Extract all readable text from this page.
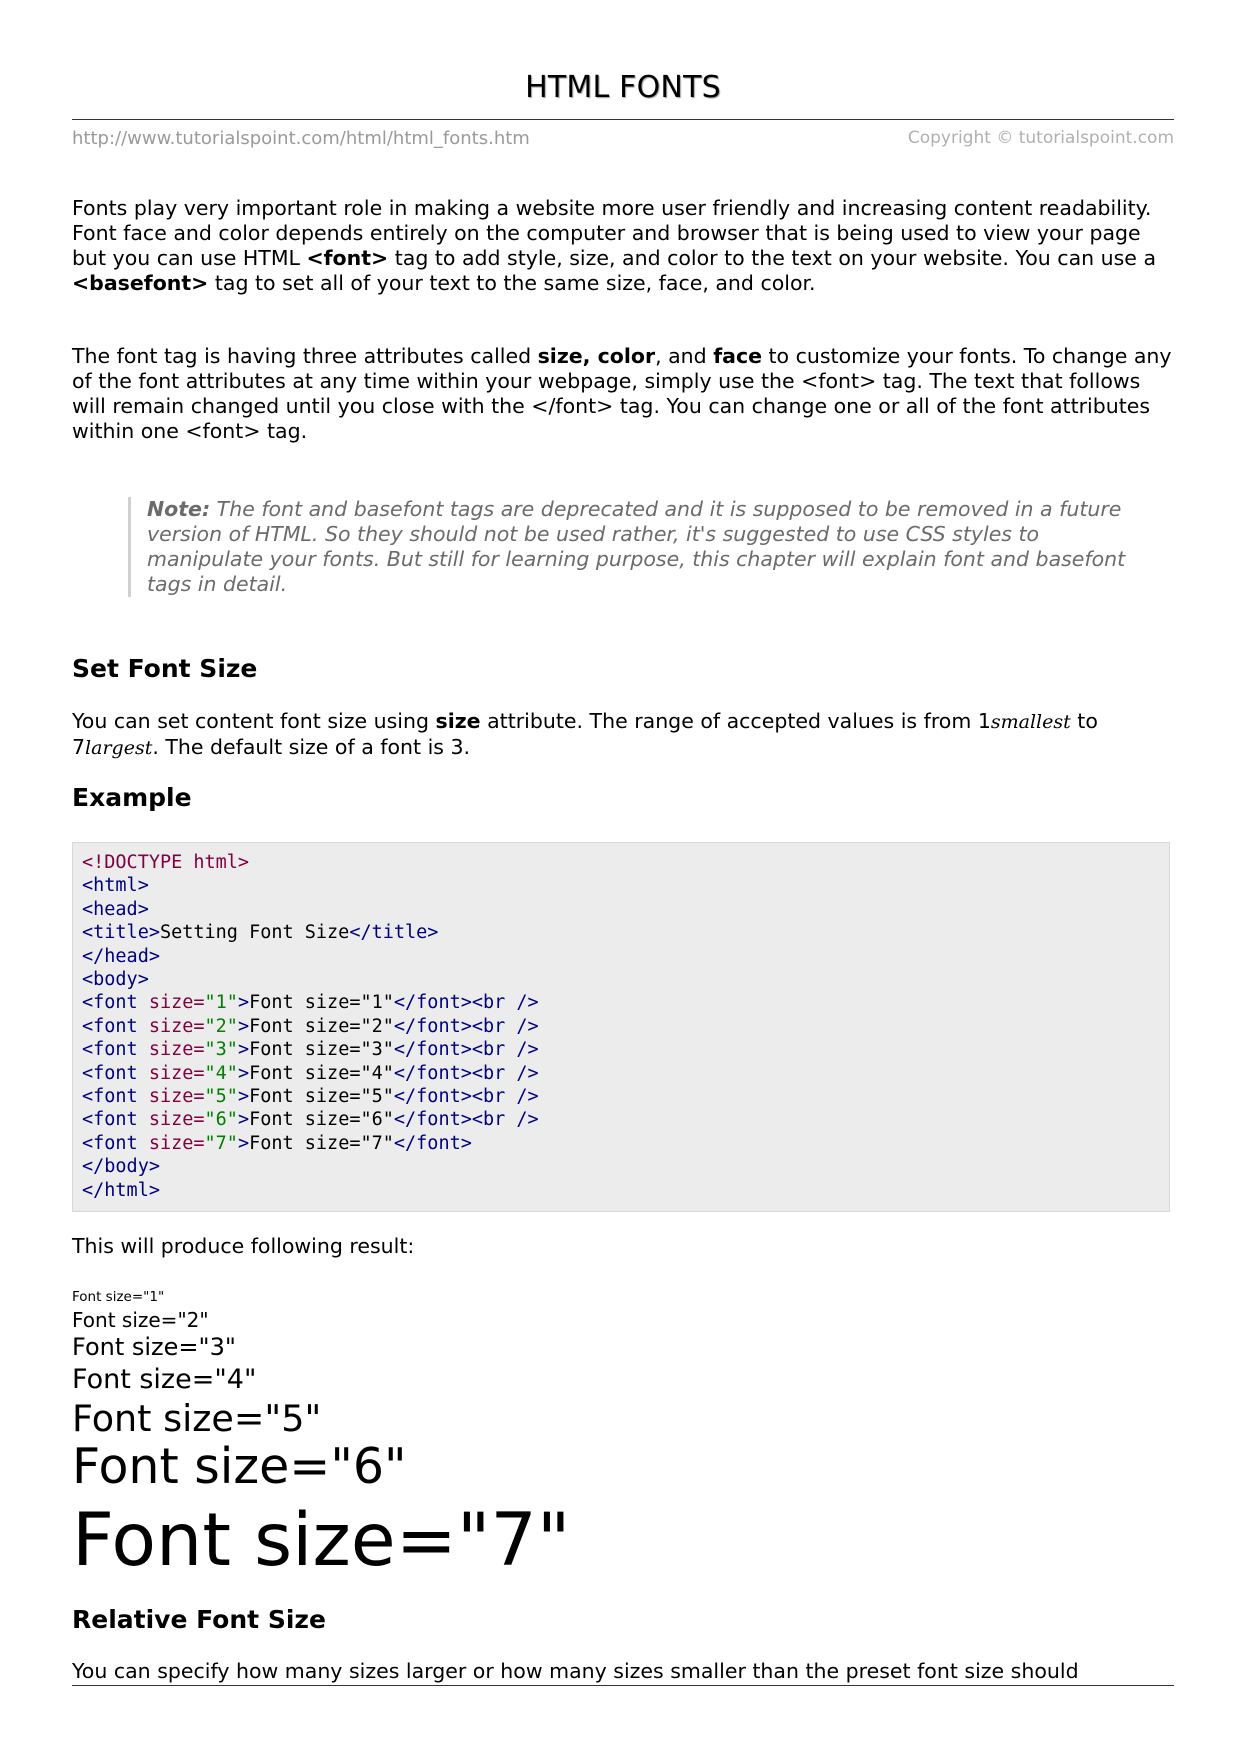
HTML FONTS
http://www.tutorialspoint.com/html/html_fonts.htm	Copyright © tutorialspoint.com

Fonts play very important role in making a website more user friendly and increasing content readability. Font face and color depends entirely on the computer and browser that is being used to view your page but you can use HTML <font> tag to add style, size, and color to the text on your website. You can use a <basefont> tag to set all of your text to the same size, face, and color.

The font tag is having three attributes called size, color, and face to customize your fonts. To change any of the font attributes at any time within your webpage, simply use the <font> tag. The text that follows will remain changed until you close with the </font> tag. You can change one or all of the font attributes within one <font> tag.

Note: The font and basefont tags are deprecated and it is supposed to be removed in a future version of HTML. So they should not be used rather, it's suggested to use CSS styles to manipulate your fonts. But still for learning purpose, this chapter will explain font and basefont tags in detail.
Set Font Size

You can set content font size using size attribute. The range of accepted values is from 1smallest to 7largest. The default size of a font is 3.

Example
<!DOCTYPE html>
<html>
<head>
<title>Setting Font Size</title>
</head>
<body>
<font size="1">Font size="1"</font><br />
<font size="2">Font size="2"</font><br />
<font size="3">Font size="3"</font><br />
<font size="4">Font size="4"</font><br />
<font size="5">Font size="5"</font><br />
<font size="6">Font size="6"</font><br />
<font size="7">Font size="7"</font>
</body>
</html>

This will produce following result:

Font size="1"
Font size="2"
Font size="3"
Font size="4"
Font size="5"
Font size="6"
Font size="7"
Relative Font Size

You can specify how many sizes larger or how many sizes smaller than the preset font size should
